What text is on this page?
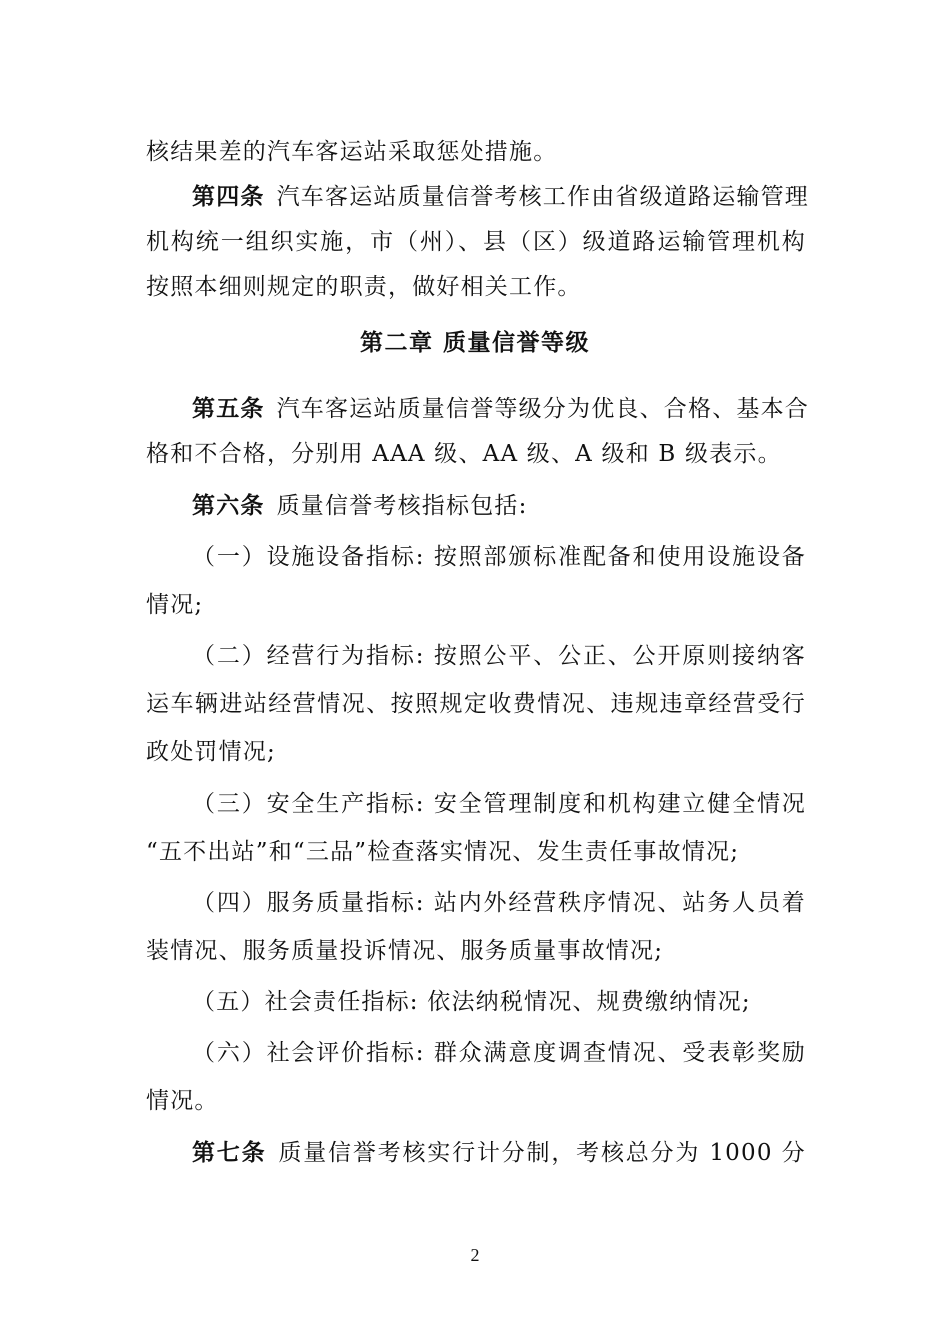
核结果差的汽车客运站采取惩处措施。
第四条 汽车客运站质量信誉考核工作由省级道路运输管理
机构统一组织实施，市（州）、县（区）级道路运输管理机构
按照本细则规定的职责，做好相关工作。
第二章 质量信誉等级
第五条 汽车客运站质量信誉等级分为优良、合格、基本合
格和不合格，分别用 AAA 级、AA 级、A 级和 B 级表示。
第六条 质量信誉考核指标包括:
（一）设施设备指标: 按照部颁标准配备和使用设施设备
情况;
（二）经营行为指标: 按照公平、公正、公开原则接纳客
运车辆进站经营情况、按照规定收费情况、违规违章经营受行
政处罚情况;
（三）安全生产指标: 安全管理制度和机构建立健全情况
“五不出站”和“三品”检查落实情况、发生责任事故情况;
（四）服务质量指标: 站内外经营秩序情况、站务人员着
装情况、服务质量投诉情况、服务质量事故情况;
（五）社会责任指标: 依法纳税情况、规费缴纳情况;
（六）社会评价指标: 群众满意度调查情况、受表彰奖励
情况。
第七条 质量信誉考核实行计分制，考核总分为 1000 分
2
